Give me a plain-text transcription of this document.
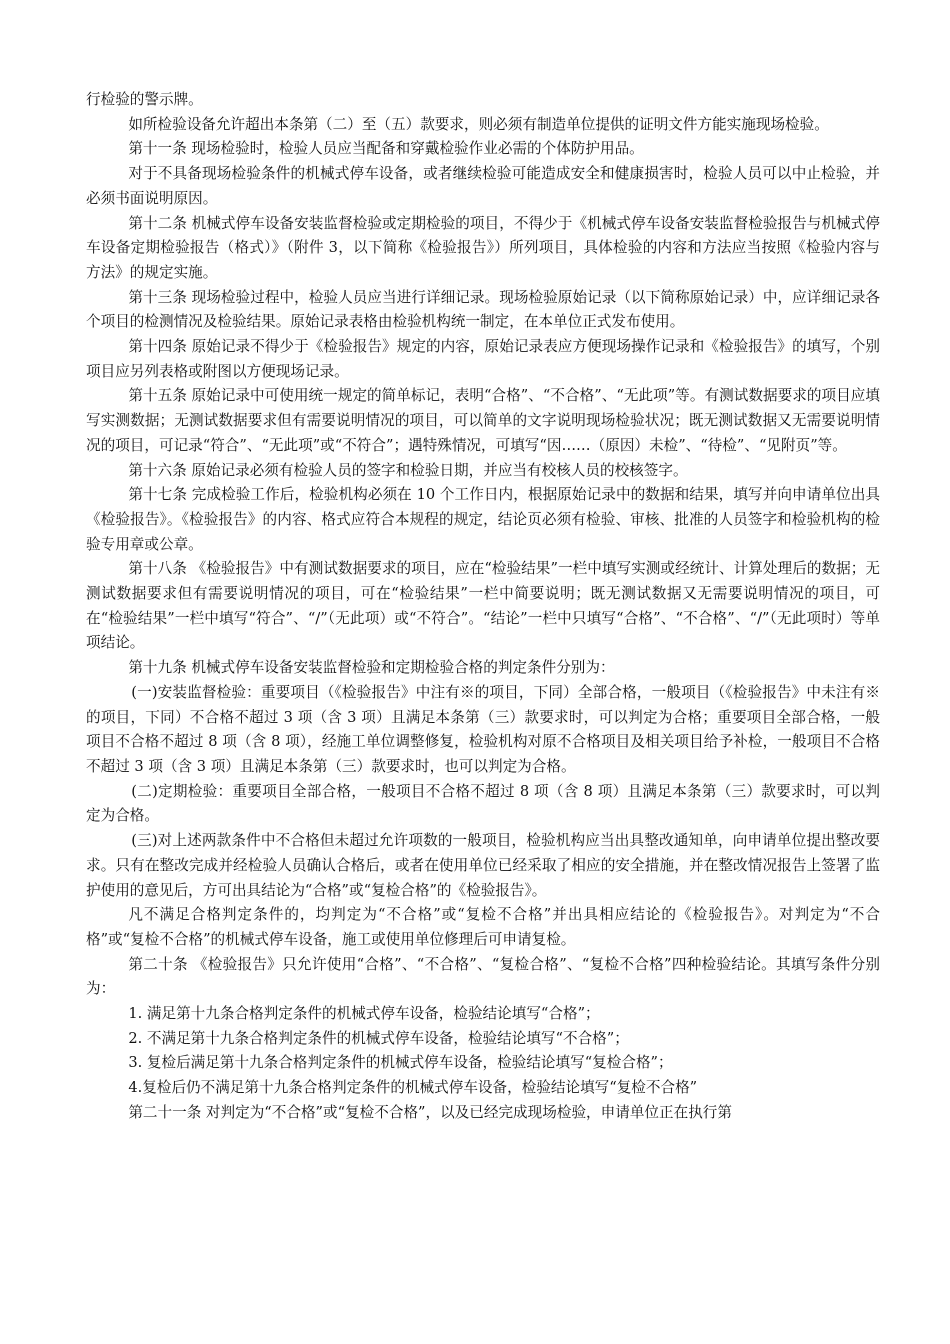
行检验的警示牌。

如所检验设备允许超出本条第（二）至（五）款要求，则必须有制造单位提供的证明文件方能实施现场检验。

第十一条 现场检验时，检验人员应当配备和穿戴检验作业必需的个体防护用品。

对于不具备现场检验条件的机械式停车设备，或者继续检验可能造成安全和健康损害时，检验人员可以中止检验，并必须书面说明原因。

第十二条 机械式停车设备安装监督检验或定期检验的项目，不得少于《机械式停车设备安装监督检验报告与机械式停车设备定期检验报告（格式）》（附件 3，以下简称《检验报告》）所列项目，具体检验的内容和方法应当按照《检验内容与方法》的规定实施。

第十三条 现场检验过程中，检验人员应当进行详细记录。现场检验原始记录（以下简称原始记录）中，应详细记录各个项目的检测情况及检验结果。原始记录表格由检验机构统一制定，在本单位正式发布使用。

第十四条 原始记录不得少于《检验报告》规定的内容，原始记录表应方便现场操作记录和《检验报告》的填写，个别项目应另列表格或附图以方便现场记录。

第十五条 原始记录中可使用统一规定的简单标记，表明“合格”、“不合格”、“无此项”等。有测试数据要求的项目应填写实测数据；无测试数据要求但有需要说明情况的项目，可以简单的文字说明现场检验状况；既无测试数据又无需要说明情况的项目，可记录“符合”、“无此项”或“不符合”；遇特殊情况，可填写“因……（原因）未检”、“待检”、“见附页”等。

第十六条 原始记录必须有检验人员的签字和检验日期，并应当有校核人员的校核签字。

第十七条 完成检验工作后，检验机构必须在 10 个工作日内，根据原始记录中的数据和结果，填写并向申请单位出具《检验报告》。《检验报告》的内容、格式应符合本规程的规定，结论页必须有检验、审核、批准的人员签字和检验机构的检验专用章或公章。

第十八条 《检验报告》中有测试数据要求的项目，应在“检验结果”一栏中填写实测或经统计、计算处理后的数据；无测试数据要求但有需要说明情况的项目，可在“检验结果”一栏中简要说明；既无测试数据又无需要说明情况的项目，可在“检验结果”一栏中填写“符合”、“/”（无此项）或“不符合”。“结论”一栏中只填写“合格”、“不合格”、“/”（无此项时）等单项结论。

第十九条 机械式停车设备安装监督检验和定期检验合格的判定条件分别为：

(一)安装监督检验：重要项目（《检验报告》中注有※的项目，下同）全部合格，一般项目（《检验报告》中未注有※的项目，下同）不合格不超过 3 项（含 3 项）且满足本条第（三）款要求时，可以判定为合格；重要项目全部合格，一般项目不合格不超过 8 项（含 8 项），经施工单位调整修复，检验机构对原不合格项目及相关项目给予补检，一般项目不合格不超过 3 项（含 3 项）且满足本条第（三）款要求时，也可以判定为合格。

(二)定期检验：重要项目全部合格，一般项目不合格不超过 8 项（含 8 项）且满足本条第（三）款要求时，可以判定为合格。

(三)对上述两款条件中不合格但未超过允许项数的一般项目，检验机构应当出具整改通知单，向申请单位提出整改要求。只有在整改完成并经检验人员确认合格后，或者在使用单位已经采取了相应的安全措施，并在整改情况报告上签署了监护使用的意见后，方可出具结论为“合格”或“复检合格”的《检验报告》。

凡不满足合格判定条件的，均判定为“不合格”或“复检不合格”并出具相应结论的《检验报告》。对判定为“不合格”或“复检不合格”的机械式停车设备，施工或使用单位修理后可申请复检。

第二十条 《检验报告》只允许使用“合格”、“不合格”、“复检合格”、“复检不合格”四种检验结论。其填写条件分别为：

1. 满足第十九条合格判定条件的机械式停车设备，检验结论填写“合格”；

2. 不满足第十九条合格判定条件的机械式停车设备，检验结论填写“不合格”；

3. 复检后满足第十九条合格判定条件的机械式停车设备，检验结论填写“复检合格”；

4.复检后仍不满足第十九条合格判定条件的机械式停车设备，检验结论填写“复检不合格”

第二十一条 对判定为“不合格”或“复检不合格”，以及已经完成现场检验，申请单位正在执行第
